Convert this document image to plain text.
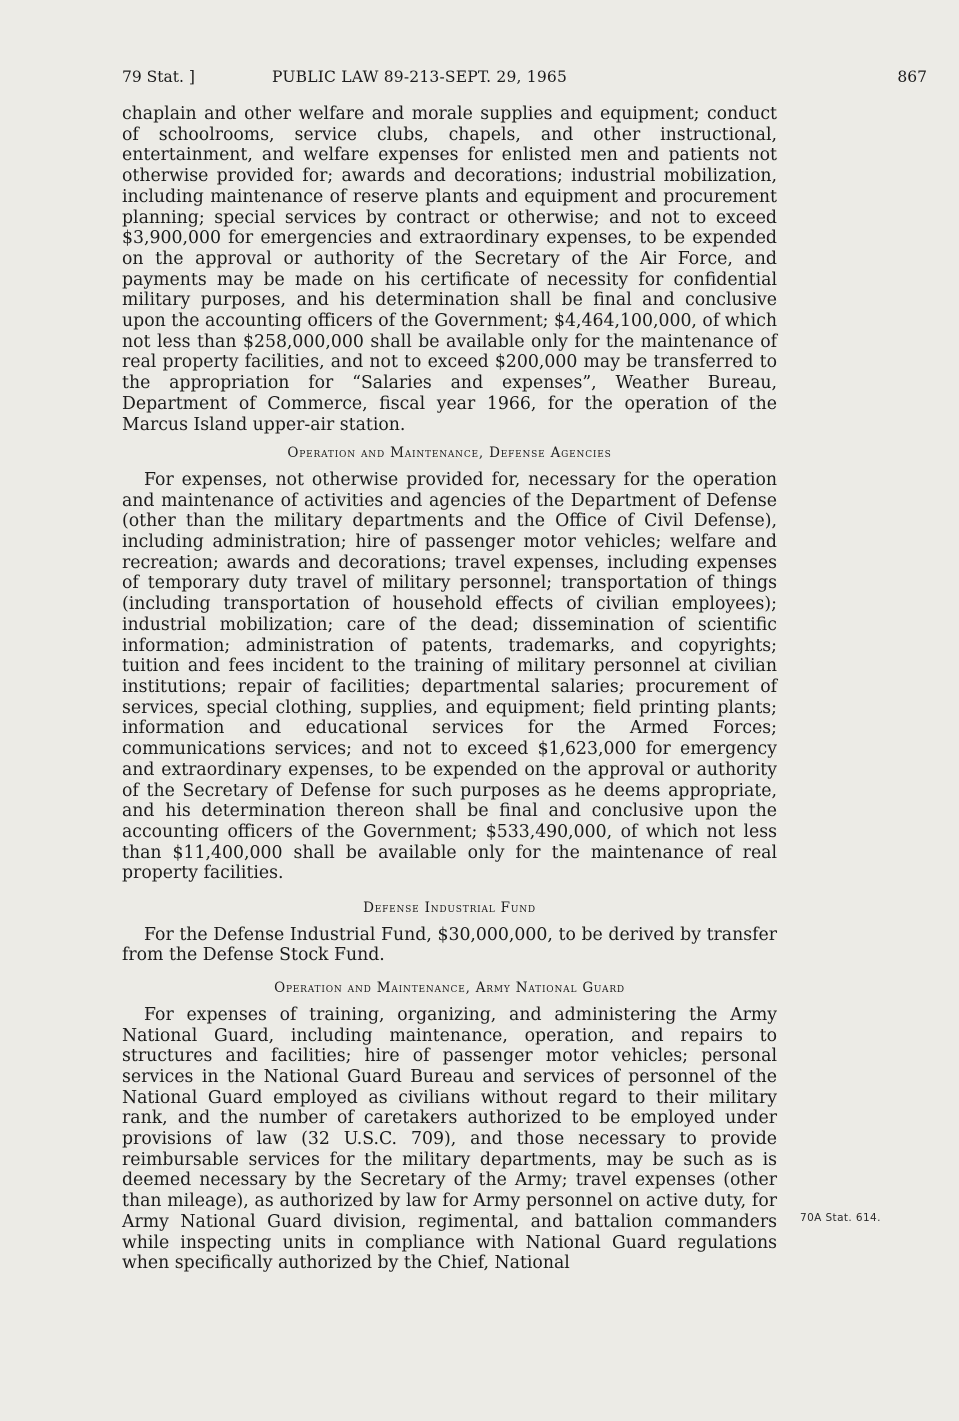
79 Stat. ]	PUBLIC LAW 89-213-SEPT. 29, 1965	867

chaplain and other welfare and morale supplies and equipment; conduct of schoolrooms, service clubs, chapels, and other instructional, entertainment, and welfare expenses for enlisted men and patients not otherwise provided for; awards and decorations; industrial mobilization, including maintenance of reserve plants and equipment and procurement planning; special services by contract or otherwise; and not to exceed $3,900,000 for emergencies and extraordinary expenses, to be expended on the approval or authority of the Secretary of the Air Force, and payments may be made on his certificate of necessity for confidential military purposes, and his determination shall be final and conclusive upon the accounting officers of the Government; $4,464,100,000, of which not less than $258,000,000 shall be available only for the maintenance of real property facilities, and not to exceed $200,000 may be transferred to the appropriation for “Salaries and expenses”, Weather Bureau, Department of Commerce, fiscal year 1966, for the operation of the Marcus Island upper-air station.

Operation and Maintenance, Defense Agencies

For expenses, not otherwise provided for, necessary for the operation and maintenance of activities and agencies of the Department of Defense (other than the military departments and the Office of Civil Defense), including administration; hire of passenger motor vehicles; welfare and recreation; awards and decorations; travel expenses, including expenses of temporary duty travel of military personnel; transportation of things (including transportation of household effects of civilian employees); industrial mobilization; care of the dead; dissemination of scientific information; administration of patents, trademarks, and copyrights; tuition and fees incident to the training of military personnel at civilian institutions; repair of facilities; departmental salaries; procurement of services, special clothing, supplies, and equipment; field printing plants; information and educational services for the Armed Forces; communications services; and not to exceed $1,623,000 for emergency and extraordinary expenses, to be expended on the approval or authority of the Secretary of Defense for such purposes as he deems appropriate, and his determination thereon shall be final and conclusive upon the accounting officers of the Government; $533,490,000, of which not less than $11,400,000 shall be available only for the maintenance of real property facilities.

Defense Industrial Fund

For the Defense Industrial Fund, $30,000,000, to be derived by transfer from the Defense Stock Fund.

Operation and Maintenance, Army National Guard

For expenses of training, organizing, and administering the Army National Guard, including maintenance, operation, and repairs to structures and facilities; hire of passenger motor vehicles; personal services in the National Guard Bureau and services of personnel of the National Guard employed as civilians without regard to their military rank, and the number of caretakers authorized to be employed under provisions of law (32 U.S.C. 709), and those necessary to provide reimbursable services for the military departments, may be such as is deemed necessary by the Secretary of the Army; travel expenses (other than mileage), as authorized by law for Army personnel on active duty, for Army National Guard division, regimental, and battalion commanders while inspecting units in compliance with National Guard regulations when specifically authorized by the Chief, National

70A Stat. 614.
